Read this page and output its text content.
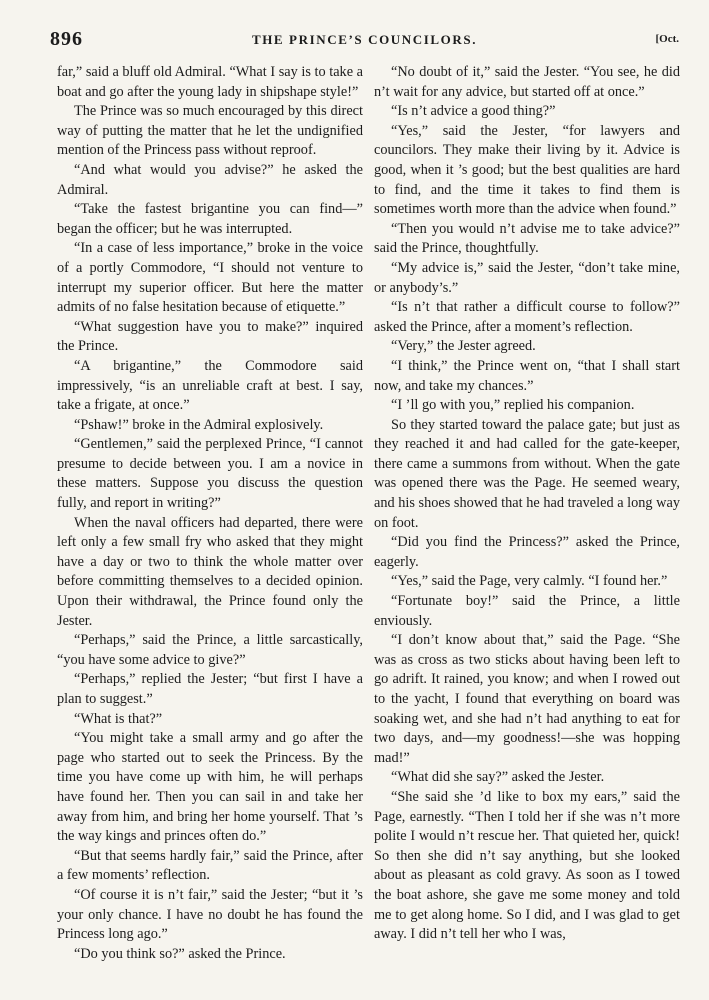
896	THE PRINCE’S COUNCILORS.	[Oct.

far,” said a bluff old Admiral. “What I say is to take a boat and go after the young lady in shipshape style!”

The Prince was so much encouraged by this direct way of putting the matter that he let the undignified mention of the Princess pass without reproof.

“And what would you advise?” he asked the Admiral.

“Take the fastest brigantine you can find—” began the officer; but he was interrupted.

“In a case of less importance,” broke in the voice of a portly Commodore, “I should not venture to interrupt my superior officer. But here the matter admits of no false hesitation because of etiquette.”

“What suggestion have you to make?” inquired the Prince.

“A brigantine,” the Commodore said impressively, “is an unreliable craft at best. I say, take a frigate, at once.”

“Pshaw!” broke in the Admiral explosively.

“Gentlemen,” said the perplexed Prince, “I cannot presume to decide between you. I am a novice in these matters. Suppose you discuss the question fully, and report in writing?”

When the naval officers had departed, there were left only a few small fry who asked that they might have a day or two to think the whole matter over before committing themselves to a decided opinion. Upon their withdrawal, the Prince found only the Jester.

“Perhaps,” said the Prince, a little sarcastically, “you have some advice to give?”

“Perhaps,” replied the Jester; “but first I have a plan to suggest.”

“What is that?”

“You might take a small army and go after the page who started out to seek the Princess. By the time you have come up with him, he will perhaps have found her. Then you can sail in and take her away from him, and bring her home yourself. That ’s the way kings and princes often do.”

“But that seems hardly fair,” said the Prince, after a few moments’ reflection.

“Of course it is n’t fair,” said the Jester; “but it ’s your only chance. I have no doubt he has found the Princess long ago.”

“Do you think so?” asked the Prince.

“No doubt of it,” said the Jester. “You see, he did n’t wait for any advice, but started off at once.”

“Is n’t advice a good thing?”

“Yes,” said the Jester, “for lawyers and councilors. They make their living by it. Advice is good, when it ’s good; but the best qualities are hard to find, and the time it takes to find them is sometimes worth more than the advice when found.”

“Then you would n’t advise me to take advice?” said the Prince, thoughtfully.

“My advice is,” said the Jester, “don’t take mine, or anybody’s.”

“Is n’t that rather a difficult course to follow?” asked the Prince, after a moment’s reflection.

“Very,” the Jester agreed.

“I think,” the Prince went on, “that I shall start now, and take my chances.”

“I ’ll go with you,” replied his companion.

So they started toward the palace gate; but just as they reached it and had called for the gate-keeper, there came a summons from without. When the gate was opened there was the Page. He seemed weary, and his shoes showed that he had traveled a long way on foot.

“Did you find the Princess?” asked the Prince, eagerly.

“Yes,” said the Page, very calmly. “I found her.”

“Fortunate boy!” said the Prince, a little enviously.

“I don’t know about that,” said the Page. “She was as cross as two sticks about having been left to go adrift. It rained, you know; and when I rowed out to the yacht, I found that everything on board was soaking wet, and she had n’t had anything to eat for two days, and—my goodness!—she was hopping mad!”

“What did she say?” asked the Jester.

“She said she ’d like to box my ears,” said the Page, earnestly. “Then I told her if she was n’t more polite I would n’t rescue her. That quieted her, quick! So then she did n’t say anything, but she looked about as pleasant as cold gravy. As soon as I towed the boat ashore, she gave me some money and told me to get along home. So I did, and I was glad to get away. I did n’t tell her who I was,
